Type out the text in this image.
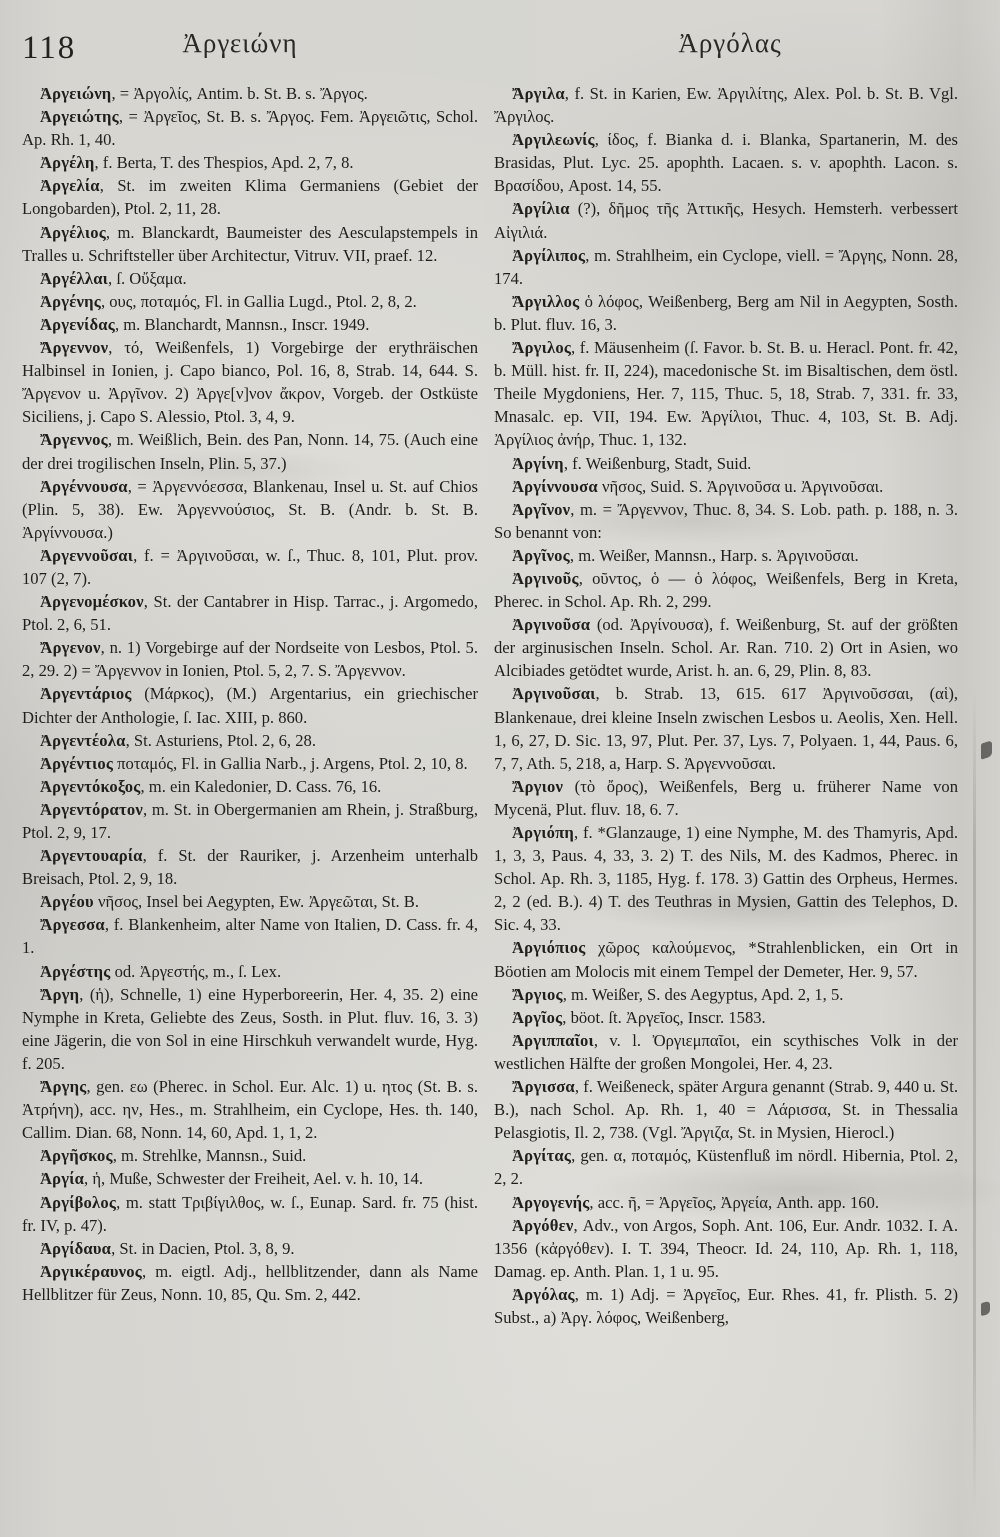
118	Ἀργειώνη	Ἀργόλας

Ἀργειώνη, = Ἀργολίς, Antim. b. St. B. s. Ἄργος.

Ἀργειώτης, = Ἀργεῖος, St. B. s. Ἄργος. Fem. Ἀργειῶτις, Schol. Ap. Rh. 1, 40.

Ἀργέλη, f. Berta, T. des Thespios, Apd. 2, 7, 8.

Ἀργελία, St. im zweiten Klima Germaniens (Gebiet der Longobarden), Ptol. 2, 11, 28.

Ἀργέλιος, m. Blanckardt, Baumeister des Aesculapstempels in Tralles u. Schriftsteller über Architectur, Vitruv. VII, praef. 12.

Ἀργέλλαι, ſ. Οὔξαμα.

Ἀργένης, ους, ποταμός, Fl. in Gallia Lugd., Ptol. 2, 8, 2.

Ἀργενίδας, m. Blanchardt, Mannsn., Inscr. 1949.

Ἄργεννον, τό, Weißenfels, 1) Vorgebirge der erythräischen Halbinsel in Ionien, j. Capo bianco, Pol. 16, 8, Strab. 14, 644. S. Ἄργενον u. Ἀργῖνον. 2) Ἀργε[ν]νον ἄκρον, Vorgeb. der Ostküste Siciliens, j. Capo S. Alessio, Ptol. 3, 4, 9.

Ἄργεννος, m. Weißlich, Bein. des Pan, Nonn. 14, 75. (Auch eine der drei trogilischen Inseln, Plin. 5, 37.)

Ἀργέννουσα, = Ἀργεννόεσσα, Blankenau, Insel u. St. auf Chios (Plin. 5, 38). Ew. Ἀργεννούσιος, St. B. (Andr. b. St. B. Ἀργίννουσα.)

Ἀργεννοῦσαι, f. = Ἀργινοῦσαι, w. ſ., Thuc. 8, 101, Plut. prov. 107 (2, 7).

Ἀργενομέσκον, St. der Cantabrer in Hisp. Tarrac., j. Argomedo, Ptol. 2, 6, 51.

Ἄργενον, n. 1) Vorgebirge auf der Nordseite von Lesbos, Ptol. 5. 2, 29. 2) = Ἄργεννον in Ionien, Ptol. 5, 2, 7. S. Ἄργεννον.

Ἀργεντάριος (Μάρκος), (M.) Argentarius, ein griechischer Dichter der Anthologie, ſ. Iac. XIII, p. 860.

Ἀργεντέολα, St. Asturiens, Ptol. 2, 6, 28.

Ἀργέντιος ποταμός, Fl. in Gallia Narb., j. Argens, Ptol. 2, 10, 8.

Ἀργεντόκοξος, m. ein Kaledonier, D. Cass. 76, 16.

Ἀργεντόρατον, m. St. in Obergermanien am Rhein, j. Straßburg, Ptol. 2, 9, 17.

Ἀργεντουαρία, f. St. der Rauriker, j. Arzenheim unterhalb Breisach, Ptol. 2, 9, 18.

Ἀργέου νῆσος, Insel bei Aegypten, Ew. Ἀργεῶται, St. B.

Ἄργεσσα, f. Blankenheim, alter Name von Italien, D. Cass. fr. 4, 1.

Ἀργέστης od. Ἀργεστής, m., ſ. Lex.

Ἄργη, (ἡ), Schnelle, 1) eine Hyperboreerin, Her. 4, 35. 2) eine Nymphe in Kreta, Geliebte des Zeus, Sosth. in Plut. fluv. 16, 3. 3) eine Jägerin, die von Sol in eine Hirschkuh verwandelt wurde, Hyg. f. 205.

Ἄργης, gen. εω (Pherec. in Schol. Eur. Alc. 1) u. ητος (St. B. s. Ἀτρήνη), acc. ην, Hes., m. Strahlheim, ein Cyclope, Hes. th. 140, Callim. Dian. 68, Nonn. 14, 60, Apd. 1, 1, 2.

Ἀργῆσκος, m. Strehlke, Mannsn., Suid.

Ἀργία, ἡ, Muße, Schwester der Freiheit, Ael. v. h. 10, 14.

Ἀργίβολος, m. statt Τριβίγιλθος, w. ſ., Eunap. Sard. fr. 75 (hist. fr. IV, p. 47).

Ἀργίδαυα, St. in Dacien, Ptol. 3, 8, 9.

Ἀργικέραυνος, m. eigtl. Adj., hellblitzender, dann als Name Hellblitzer für Zeus, Nonn. 10, 85, Qu. Sm. 2, 442.

Ἄργιλα, f. St. in Karien, Ew. Ἀργιλίτης, Alex. Pol. b. St. B. Vgl. Ἄργιλος.

Ἀργιλεωνίς, ίδος, f. Bianka d. i. Blanka, Spartanerin, M. des Brasidas, Plut. Lyc. 25. apophth. Lacaen. s. v. apophth. Lacon. s. Βρασίδου, Apost. 14, 55.

Ἀργίλια (?), δῆμος τῆς Ἀττικῆς, Hesych. Hemsterh. verbessert Αἰγιλιά.

Ἀργίλιπος, m. Strahlheim, ein Cyclope, viell. = Ἄργης, Nonn. 28, 174.

Ἄργιλλος ὁ λόφος, Weißenberg, Berg am Nil in Aegypten, Sosth. b. Plut. fluv. 16, 3.

Ἄργιλος, f. Mäusenheim (ſ. Favor. b. St. B. u. Heracl. Pont. fr. 42, b. Müll. hist. fr. II, 224), macedonische St. im Bisaltischen, dem östl. Theile Mygdoniens, Her. 7, 115, Thuc. 5, 18, Strab. 7, 331. fr. 33, Mnasalc. ep. VII, 194. Ew. Ἀργίλιοι, Thuc. 4, 103, St. B. Adj. Ἀργίλιος ἀνήρ, Thuc. 1, 132.

Ἀργίνη, f. Weißenburg, Stadt, Suid.

Ἀργίννουσα νῆσος, Suid. S. Ἀργινοῦσα u. Ἀργινοῦσαι.

Ἀργῖνον, m. = Ἄργεννον, Thuc. 8, 34. S. Lob. path. p. 188, n. 3. So benannt von:

Ἀργῖνος, m. Weißer, Mannsn., Harp. s. Ἀργινοῦσαι.

Ἀργινοῦς, οῦντος, ὁ — ὁ λόφος, Weißenfels, Berg in Kreta, Pherec. in Schol. Ap. Rh. 2, 299.

Ἀργινοῦσα (od. Ἀργίνουσα), f. Weißenburg, St. auf der größten der arginusischen Inseln. Schol. Ar. Ran. 710. 2) Ort in Asien, wo Alcibiades getödtet wurde, Arist. h. an. 6, 29, Plin. 8, 83.

Ἀργινοῦσαι, b. Strab. 13, 615. 617 Ἀργινοῦσσαι, (αἱ), Blankenaue, drei kleine Inseln zwischen Lesbos u. Aeolis, Xen. Hell. 1, 6, 27, D. Sic. 13, 97, Plut. Per. 37, Lys. 7, Polyaen. 1, 44, Paus. 6, 7, 7, Ath. 5, 218, a, Harp. S. Ἀργεννοῦσαι.

Ἄργιον (τὸ ὄρος), Weißenfels, Berg u. früherer Name von Mycenä, Plut. fluv. 18, 6. 7.

Ἀργιόπη, f. *Glanzauge, 1) eine Nymphe, M. des Thamyris, Apd. 1, 3, 3, Paus. 4, 33, 3. 2) T. des Nils, M. des Kadmos, Pherec. in Schol. Ap. Rh. 3, 1185, Hyg. f. 178. 3) Gattin des Orpheus, Hermes. 2, 2 (ed. B.). 4) T. des Teuthras in Mysien, Gattin des Telephos, D. Sic. 4, 33.

Ἀργιόπιος χῶρος καλούμενος, *Strahlenblicken, ein Ort in Böotien am Molocis mit einem Tempel der Demeter, Her. 9, 57.

Ἄργιος, m. Weißer, S. des Aegyptus, Apd. 2, 1, 5.

Ἀργῖος, böot. ſt. Ἀργεῖος, Inscr. 1583.

Ἀργιππαῖοι, v. l. Ὀργιεμπαῖοι, ein scythisches Volk in der westlichen Hälfte der großen Mongolei, Her. 4, 23.

Ἄργισσα, f. Weißeneck, später Argura genannt (Strab. 9, 440 u. St. B.), nach Schol. Ap. Rh. 1, 40 = Λάρισσα, St. in Thessalia Pelasgiotis, Il. 2, 738. (Vgl. Ἄργιζα, St. in Mysien, Hierocl.)

Ἀργίτας, gen. α, ποταμός, Küstenfluß im nördl. Hibernia, Ptol. 2, 2, 2.

Ἀργογενής, acc. ῆ, = Ἀργεῖος, Ἀργεία, Anth. app. 160.

Ἀργόθεν, Adv., von Argos, Soph. Ant. 106, Eur. Andr. 1032. I. A. 1356 (κἀργόθεν). I. T. 394, Theocr. Id. 24, 110, Ap. Rh. 1, 118, Damag. ep. Anth. Plan. 1, 1 u. 95.

Ἀργόλας, m. 1) Adj. = Ἀργεῖος, Eur. Rhes. 41, fr. Plisth. 5. 2) Subst., a) Ἀργ. λόφος, Weißenberg,
